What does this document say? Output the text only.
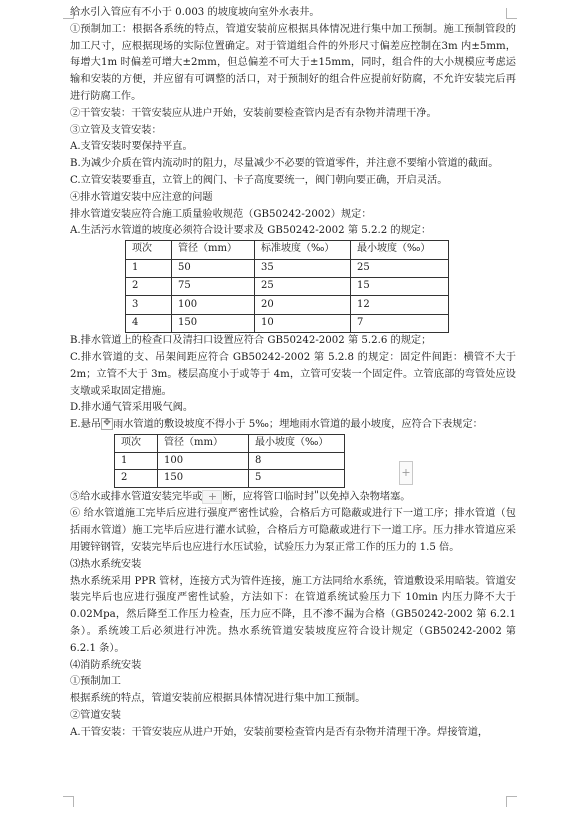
给水引入管应有不小于 0.003 的坡度坡向室外水表井。

①预制加工：根据各系统的特点，管道安装前应根据具体情况进行集中加工预制。施工预制管段的加工尺寸，应根据现场的实际位置确定。对于管道组合件的外形尺寸偏差应控制在3m 内±5mm，每增大1m 时偏差可增大±2mm，但总偏差不可大于±15mm，同时，组合件的大小规模应考虑运输和安装的方便，并应留有可调整的活口，对于预制好的组合件应提前好防腐，不允许安装完后再进行防腐工作。

②干管安装：干管安装应从进户开始，安装前要检查管内是否有杂物并清理干净。

③立管及支管安装：

A.支管安装时要保持平直。

B.为减少介质在管内流动时的阻力，尽量减少不必要的管道零件，并注意不要缩小管道的截面。

C.立管安装要垂直，立管上的阀门、卡子高度要统一，阀门朝向要正确，开启灵活。

④排水管道安装中应注意的问题

排水管道安装应符合施工质量验收规范（GB50242-2002）规定：

A.生活污水管道的坡度必须符合设计要求及 GB50242-2002 第 5.2.2 的规定：

项次	管径（mm）	标准坡度（‰）	最小坡度（‰）
1	50	35	25
2	75	25	15
3	100	20	12
4	150	10	7

B.排水管道上的检查口及清扫口设置应符合 GB50242-2002 第 5.2.6 的规定；

C.排水管道的支、吊架间距应符合 GB50242-2002 第 5.2.8 的规定：固定件间距：横管不大于 2m；立管不大于 3m。楼层高度小于或等于 4m，立管可安装一个固定件。立管底部的弯管处应设支墩或采取固定措施。

D.排水通气管采用吸气阀。

E.悬吊 ✥ 雨水管道的敷设坡度不得小于 5‰；埋地雨水管道的最小坡度，应符合下表规定：

项次	管径（mm）	最小坡度（‰）
1	100	8
2	150	5	+

⑤给水或排水管道安装完毕或 + 断，应将管口临时封"以免掉入杂物堵塞。

⑥ 给水管道施工完毕后应进行强度严密性试验，合格后方可隐蔽或进行下一道工序；排水管道（包括雨水管道）施工完毕后应进行灌水试验，合格后方可隐蔽或进行下一道工序。压力排水管道应采用镀锌钢管，安装完毕后也应进行水压试验，试验压力为泵正常工作的压力的 1.5 倍。

⑶热水系统安装

热水系统采用 PPR 管材，连接方式为管件连接，施工方法同给水系统，管道敷设采用暗装。管道安装完毕后也应进行强度严密性试验，方法如下：在管道系统试验压力下 10min 内压力降不大于 0.02Mpa，然后降至工作压力检查，压力应不降，且不渗不漏为合格（GB50242-2002 第 6.2.1 条）。系统竣工后必须进行冲洗。热水系统管道安装坡度应符合设计规定（GB50242-2002 第 6.2.1 条）。

⑷消防系统安装

①预制加工

根据系统的特点，管道安装前应根据具体情况进行集中加工预制。

②管道安装

A.干管安装：干管安装应从进户开始，安装前要检查管内是否有杂物并清理干净。焊接管道，
